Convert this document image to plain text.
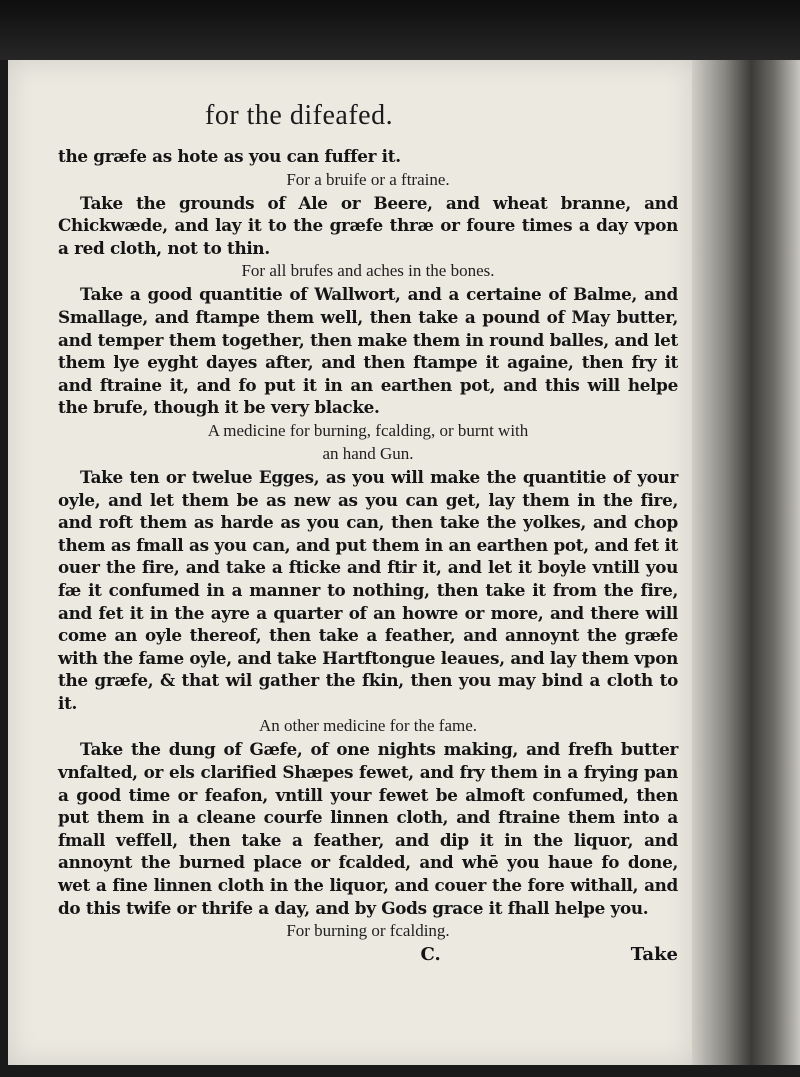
for the difeafed.

the græfe as hote as you can fuffer it.

For a bruife or a ftraine.

Take the grounds of Ale or Beere, and wheat branne, and Chickwæde, and lay it to the græfe thræ or foure times a day vpon a red cloth, not to thin.

For all brufes and aches in the bones.

Take a good quantitie of Wallwort, and a certaine of Balme, and Smallage, and ftampe them well, then take a pound of May butter, and temper them together, then make them in round balles, and let them lye eyght dayes after, and then ftampe it againe, then fry it and ftraine it, and fo put it in an earthen pot, and this will helpe the brufe, though it be very blacke.

A medicine for burning, fcalding, or burnt with

an hand Gun.

Take ten or twelue Egges, as you will make the quantitie of your oyle, and let them be as new as you can get, lay them in the fire, and roft them as harde as you can, then take the yolkes, and chop them as fmall as you can, and put them in an earthen pot, and fet it ouer the fire, and take a fticke and ftir it, and let it boyle vntill you fæ it confumed in a manner to nothing, then take it from the fire, and fet it in the ayre a quarter of an howre or more, and there will come an oyle thereof, then take a feather, and annoynt the græfe with the fame oyle, and take Hartftongue leaues, and lay them vpon the græfe, & that wil gather the fkin, then you may bind a cloth to it.

An other medicine for the fame.

Take the dung of Gæfe, of one nights making, and frefh butter vnfalted, or els clarified Shæpes fewet, and fry them in a frying pan a good time or feafon, vntill your fewet be almoft confumed, then put them in a cleane courfe linnen cloth, and ftraine them into a fmall veffell, then take a feather, and dip it in the liquor, and annoynt the burned place or fcalded, and whē you haue fo done, wet a fine linnen cloth in the liquor, and couer the fore withall, and do this twife or thrife a day, and by Gods grace it fhall helpe you.

For burning or fcalding.

C.	Take
